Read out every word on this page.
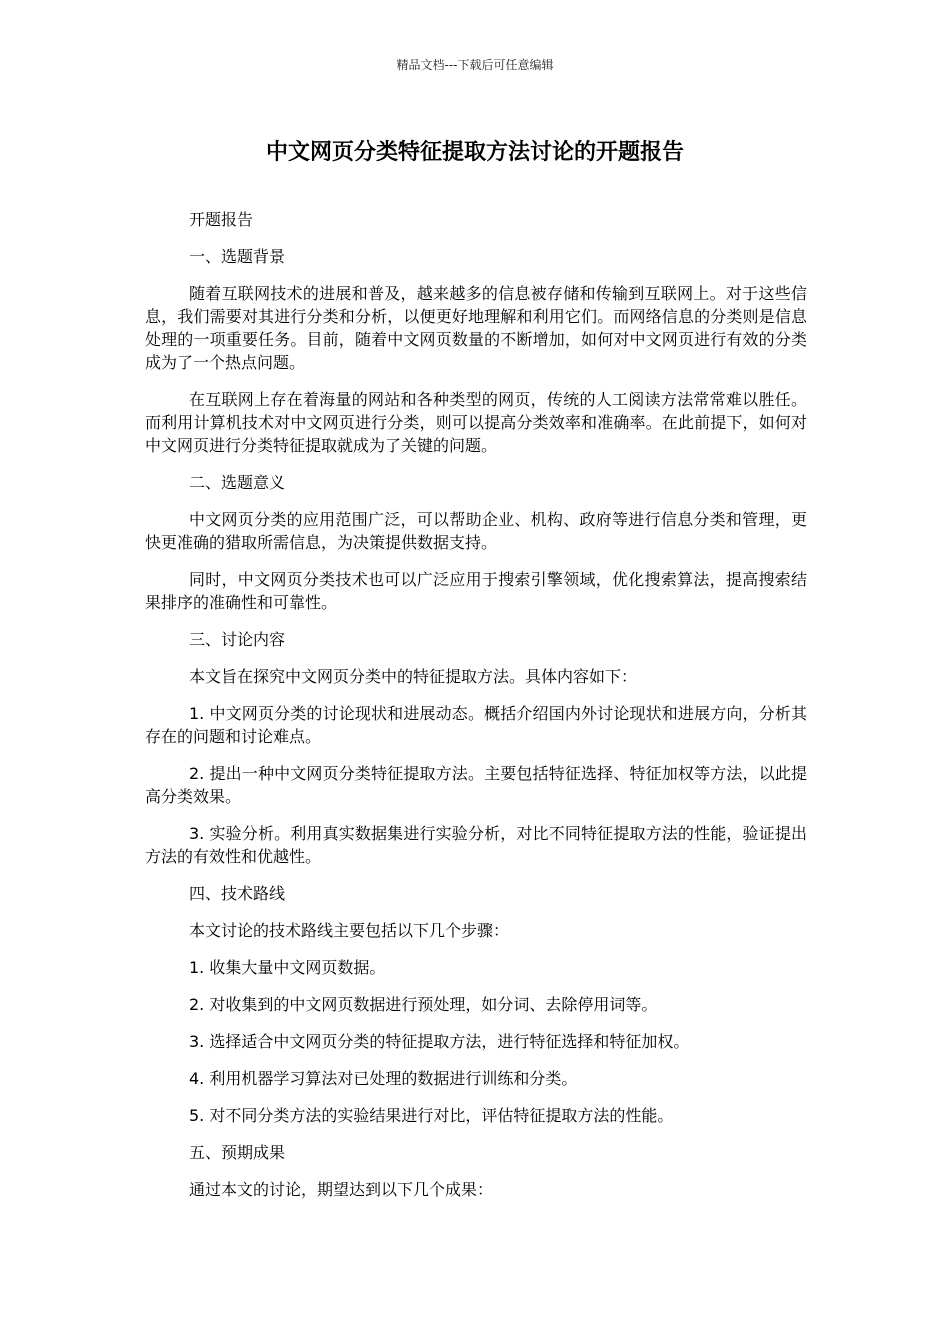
精品文档---下载后可任意编辑
中文网页分类特征提取方法讨论的开题报告

开题报告

一、选题背景

随着互联网技术的进展和普及，越来越多的信息被存储和传输到互联网上。对于这些信息，我们需要对其进行分类和分析，以便更好地理解和利用它们。而网络信息的分类则是信息处理的一项重要任务。目前，随着中文网页数量的不断增加，如何对中文网页进行有效的分类成为了一个热点问题。

在互联网上存在着海量的网站和各种类型的网页，传统的人工阅读方法常常难以胜任。而利用计算机技术对中文网页进行分类，则可以提高分类效率和准确率。在此前提下，如何对中文网页进行分类特征提取就成为了关键的问题。

二、选题意义

中文网页分类的应用范围广泛，可以帮助企业、机构、政府等进行信息分类和管理，更快更准确的猎取所需信息，为决策提供数据支持。

同时，中文网页分类技术也可以广泛应用于搜索引擎领域，优化搜索算法，提高搜索结果排序的准确性和可靠性。

三、讨论内容

本文旨在探究中文网页分类中的特征提取方法。具体内容如下：

1. 中文网页分类的讨论现状和进展动态。概括介绍国内外讨论现状和进展方向，分析其存在的问题和讨论难点。

2. 提出一种中文网页分类特征提取方法。主要包括特征选择、特征加权等方法，以此提高分类效果。

3. 实验分析。利用真实数据集进行实验分析，对比不同特征提取方法的性能，验证提出方法的有效性和优越性。

四、技术路线

本文讨论的技术路线主要包括以下几个步骤：

1. 收集大量中文网页数据。

2. 对收集到的中文网页数据进行预处理，如分词、去除停用词等。

3. 选择适合中文网页分类的特征提取方法，进行特征选择和特征加权。

4. 利用机器学习算法对已处理的数据进行训练和分类。

5. 对不同分类方法的实验结果进行对比，评估特征提取方法的性能。

五、预期成果

通过本文的讨论，期望达到以下几个成果：
